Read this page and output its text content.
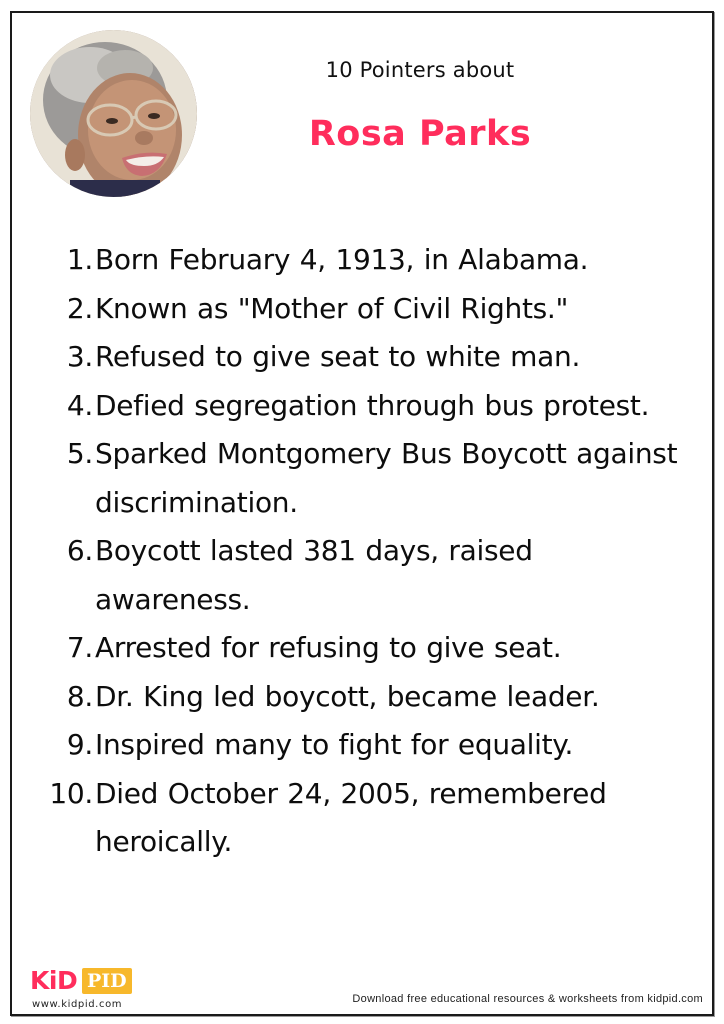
10 Pointers about
Rosa Parks
1. Born February 4, 1913, in Alabama.
2. Known as "Mother of Civil Rights."
3. Refused to give seat to white man.
4. Defied segregation through bus protest.
5. Sparked Montgomery Bus Boycott against discrimination.
6. Boycott lasted 381 days, raised awareness.
7. Arrested for refusing to give seat.
8. Dr. King led boycott, became leader.
9. Inspired many to fight for equality.
10. Died October 24, 2005, remembered heroically.
KiD PID
www.kidpid.com	Download free educational resources & worksheets from kidpid.com
